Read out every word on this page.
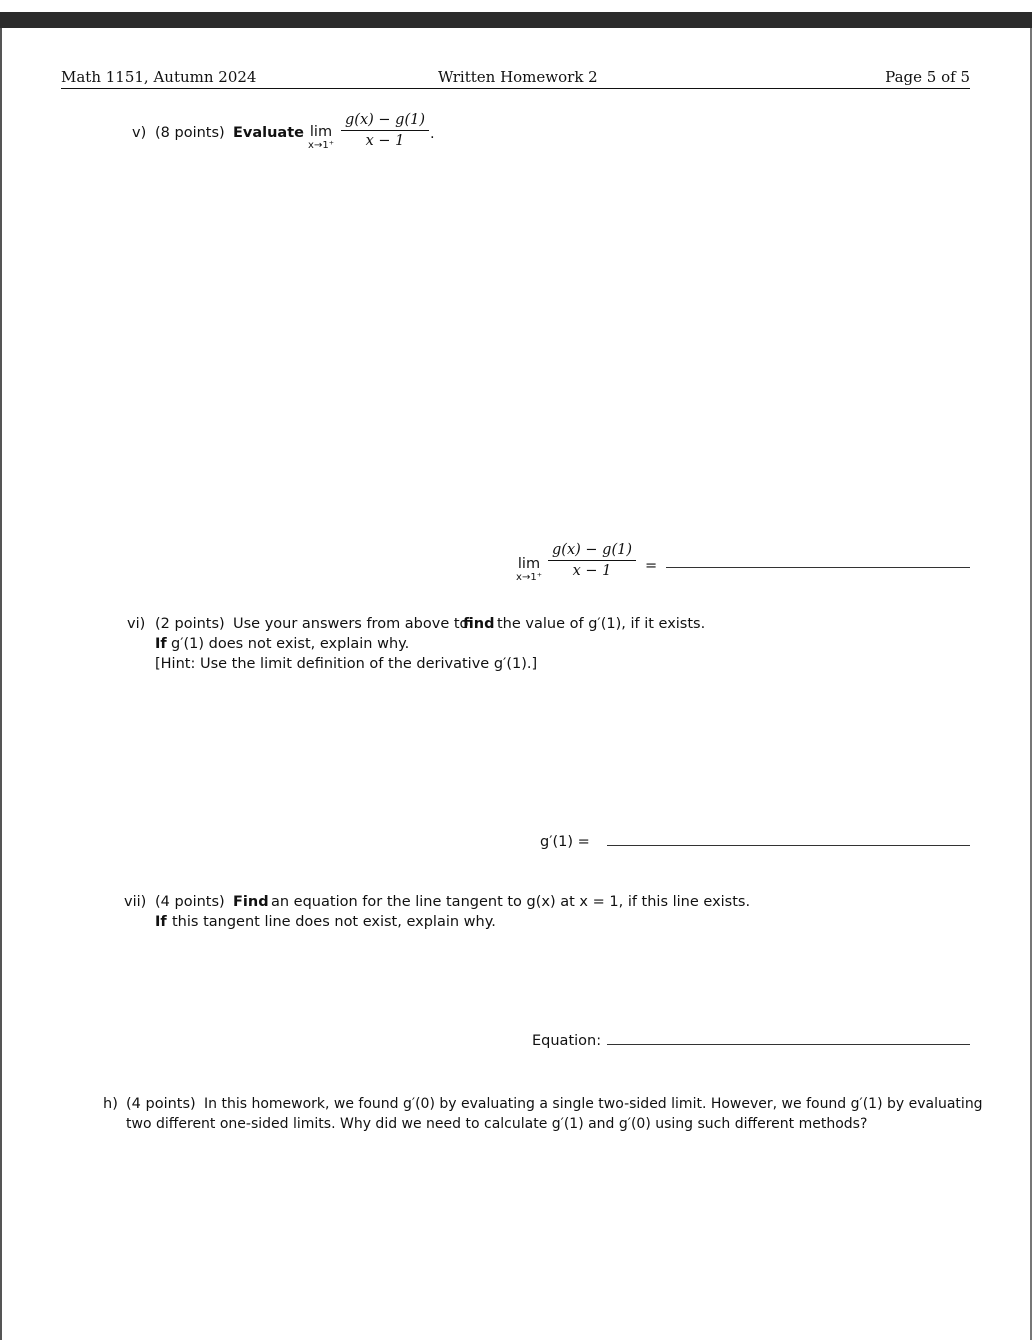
Math 1151, Autumn 2024	Written Homework 2	Page 5 of 5
v) (8 points) Evaluate lim
x→1⁺
g(x) − g(1)
x − 1	.
lim
x→1⁺
g(x) − g(1)
x − 1	=
vi) (2 points) Use your answers from above to
find the value of g′(1), if it exists.
If g′(1) does not exist, explain why.
[Hint: Use the limit definition of the derivative g′(1).]
g′(1) =
vii) (4 points) Find an equation for the line tangent to g(x) at x = 1, if this line exists.
If this tangent line does not exist, explain why.
Equation:
h) (4 points) In this homework, we found g′(0) by evaluating a single two-sided limit. However, we found g′(1) by evaluating
two different one-sided limits. Why did we need to calculate g′(1) and g′(0) using such different methods?
